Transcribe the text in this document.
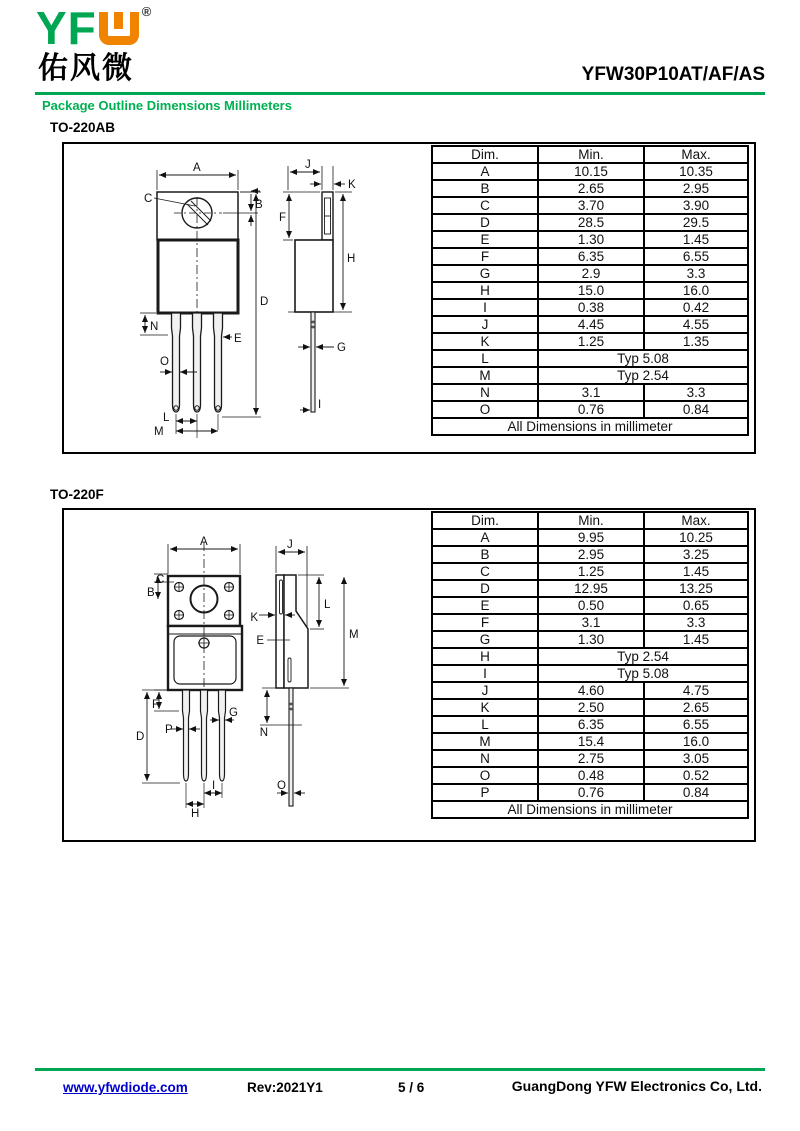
YF	®
佑风微	YFW30P10AT/AF/AS
Package Outline Dimensions Millimeters
TO-220AB
A
C	B
N
E
O
D
L
M
J
K
F
H
G
I
Dim.	Min.	Max.
A	10.15	10.35
B	2.65	2.95
C	3.70	3.90
D	28.5	29.5
E	1.30	1.45
F	6.35	6.55
G	2.9	3.3
H	15.0	16.0
I	0.38	0.42
J	4.45	4.55
K	1.25	1.35
L	Typ 5.08	
M	Typ 2.54	
N	3.1	3.3
O	0.76	0.84
All Dimensions in millimeter		
TO-220F
A
C
B
F
P
G
D
I
H
J
L
K
E	M
N
O
Dim.	Min.	Max.
A	9.95	10.25
B	2.95	3.25
C	1.25	1.45
D	12.95	13.25
E	0.50	0.65
F	3.1	3.3
G	1.30	1.45
H	Typ 2.54	
I	Typ 5.08	
J	4.60	4.75
K	2.50	2.65
L	6.35	6.55
M	15.4	16.0
N	2.75	3.05
O	0.48	0.52
P	0.76	0.84
All Dimensions in millimeter		
www.yfwdiode.com	Rev:2021Y1	5 / 6	GuangDong YFW Electronics Co, Ltd.
